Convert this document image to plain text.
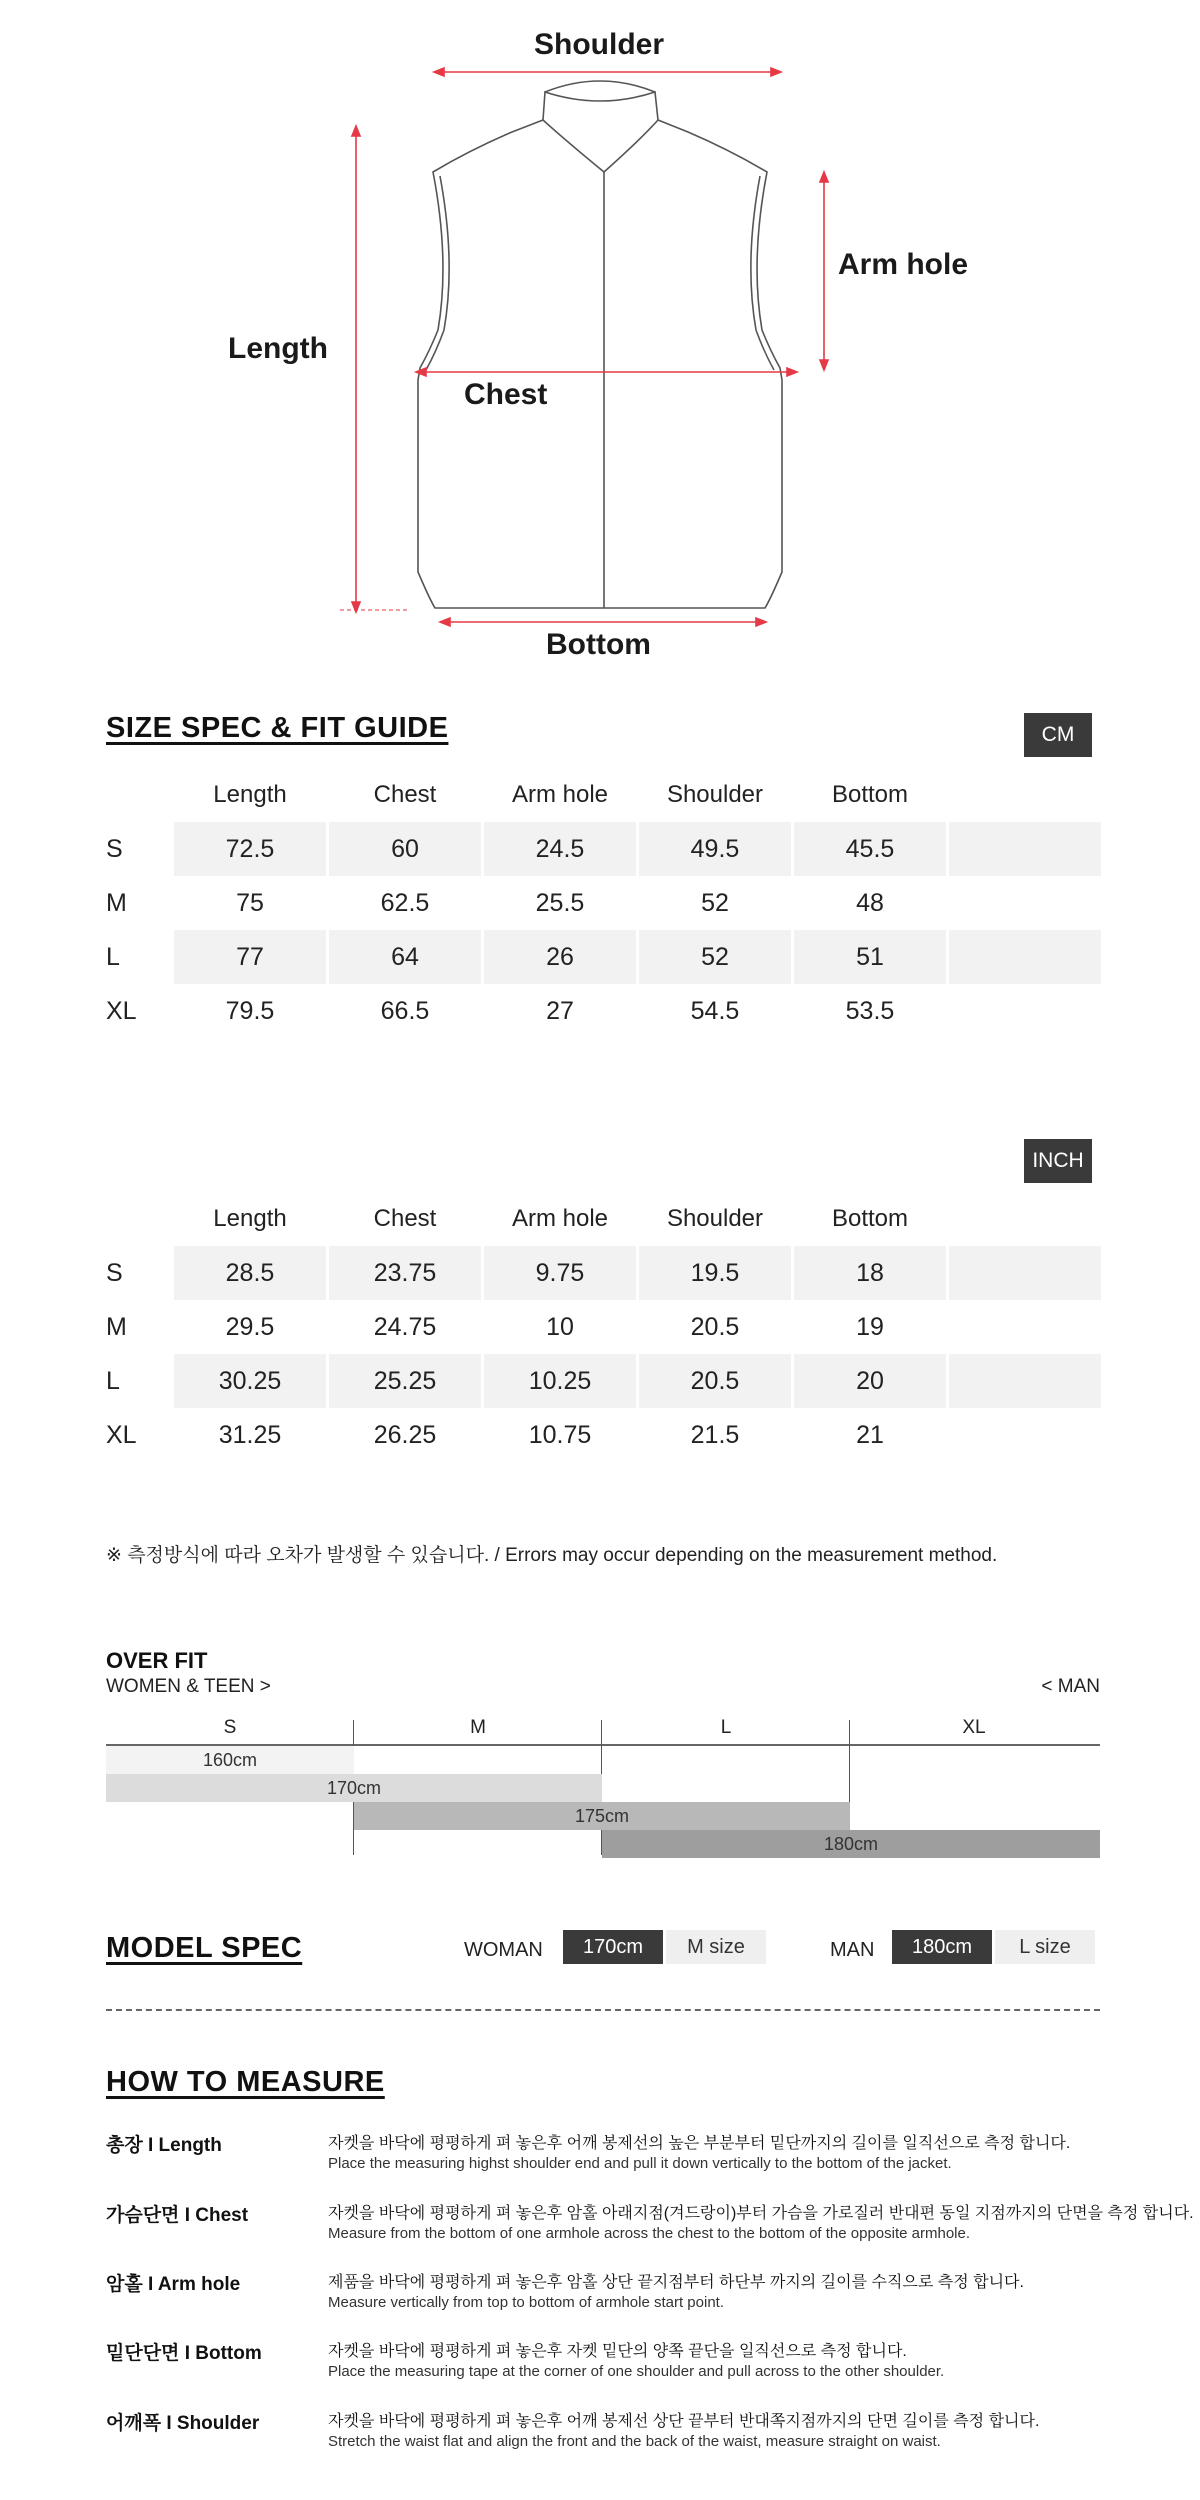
Shoulder
Arm hole
Length
Chest
Bottom
SIZE SPEC & FIT GUIDE	CM
Length	Chest	Arm hole	Shoulder	Bottom
S	72.5	60	24.5	49.5	45.5
M	75	62.5	25.5	52	48
L	77	64	26	52	51
XL	79.5	66.5	27	54.5	53.5
INCH
Length	Chest	Arm hole	Shoulder	Bottom
S	28.5	23.75	9.75	19.5	18
M	29.5	24.75	10	20.5	19
L	30.25	25.25	10.25	20.5	20
XL	31.25	26.25	10.75	21.5	21
※ 측정방식에 따라 오차가 발생할 수 있습니다. / Errors may occur depending on the measurement method.
OVER FIT
WOMEN & TEEN >	< MAN
S	M	L	XL
160cm
170cm
175cm
180cm
MODEL SPEC	WOMAN	170cm	M size	MAN	180cm	L size
HOW TO MEASURE
총장 I Length	자켓을 바닥에 평평하게 펴 놓은후 어깨 봉제선의 높은 부분부터 밑단까지의 길이를 일직선으로 측정 합니다.
Place the measuring highst shoulder end and pull it down vertically to the bottom of the jacket.
가슴단면 I Chest	자켓을 바닥에 평평하게 펴 놓은후 암홀 아래지점(겨드랑이)부터 가슴을 가로질러 반대편 동일 지점까지의 단면을 측정 합니다.
Measure from the bottom of one armhole across the chest to the bottom of the opposite armhole.
암홀 I Arm hole	제품을 바닥에 평평하게 펴 놓은후 암홀 상단 끝지점부터 하단부 까지의 길이를 수직으로 측정 합니다.
Measure vertically from top to bottom of armhole start point.
밑단단면 I Bottom	자켓을 바닥에 평평하게 펴 놓은후 자켓 밑단의 양쪽 끝단을 일직선으로 측정 합니다.
Place the measuring tape at the corner of one shoulder and pull across to the other shoulder.
어깨폭 I Shoulder	자켓을 바닥에 평평하게 펴 놓은후 어깨 봉제선 상단 끝부터 반대쪽지점까지의 단면 길이를 측정 합니다.
Stretch the waist flat and align the front and the back of the waist, measure straight on waist.
